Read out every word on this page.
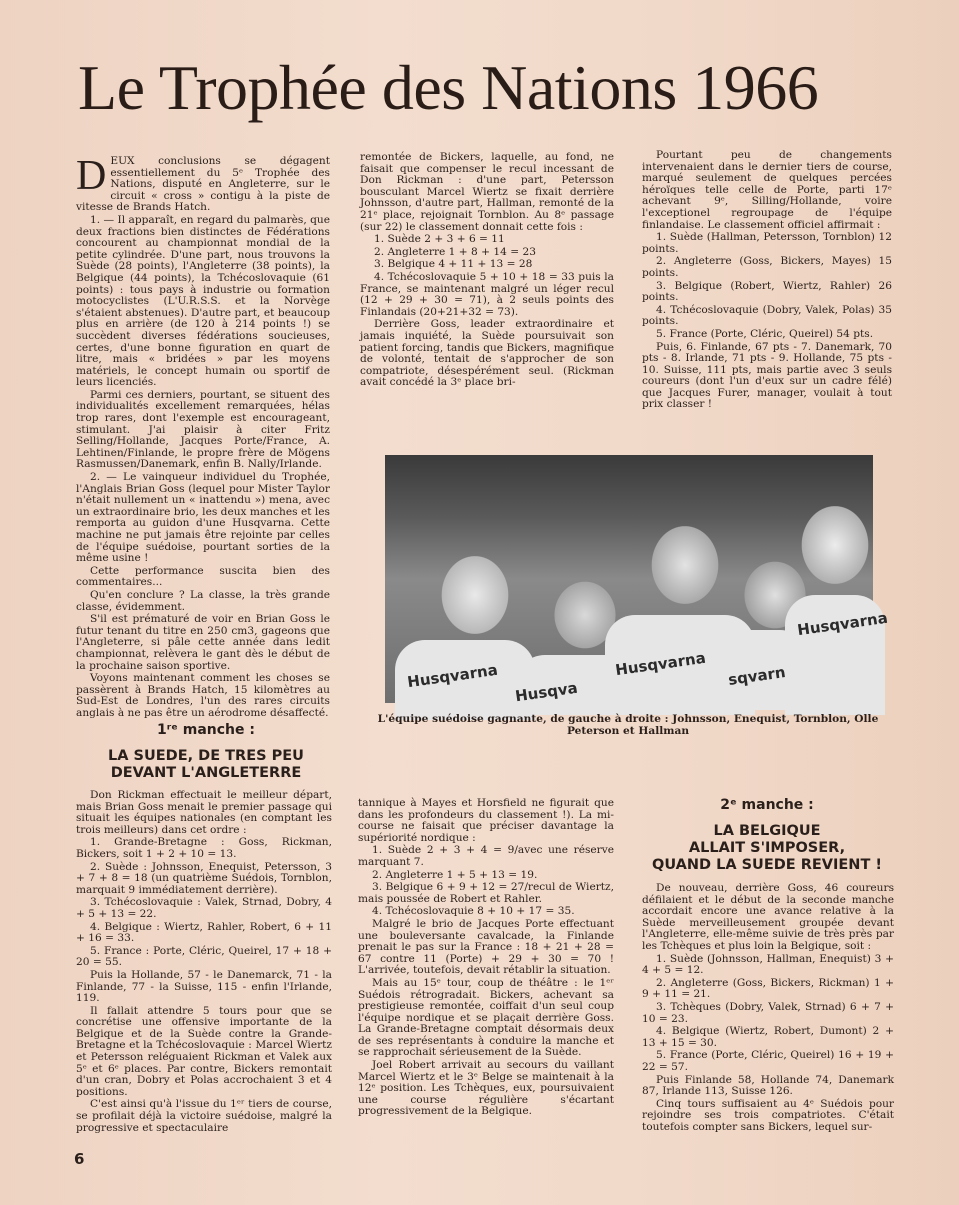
Le Trophée des Nations 1966

DEUX conclusions se dégagent essentiellement du 5ᵉ Trophée des Nations, disputé en Angleterre, sur le circuit « cross » contigu à la piste de vitesse de Brands Hatch.

1. — Il apparaît, en regard du palmarès, que deux fractions bien distinctes de Fédérations concourent au championnat mondial de la petite cylindrée. D'une part, nous trouvons la Suède (28 points), l'Angleterre (38 points), la Belgique (44 points), la Tchécoslovaquie (61 points) : tous pays à industrie ou formation motocyclistes (L'U.R.S.S. et la Norvège s'étaient abstenues). D'autre part, et beaucoup plus en arrière (de 120 à 214 points !) se succèdent diverses fédérations soucieuses, certes, d'une bonne figuration en quart de litre, mais « bridées » par les moyens matériels, le concept humain ou sportif de leurs licenciés.

Parmi ces derniers, pourtant, se situent des individualités excellement remarquées, hélas trop rares, dont l'exemple est encourageant, stimulant. J'ai plaisir à citer Fritz Selling/Hollande, Jacques Porte/France, A. Lehtinen/Finlande, le propre frère de Mögens Rasmussen/Danemark, enfin B. Nally/Irlande.

2. — Le vainqueur individuel du Trophée, l'Anglais Brian Goss (lequel pour Mister Taylor n'était nullement un « inattendu ») mena, avec un extraordinaire brio, les deux manches et les remporta au guidon d'une Husqvarna. Cette machine ne put jamais être rejointe par celles de l'équipe suédoise, pourtant sorties de la même usine !

Cette performance suscita bien des commentaires...

Qu'en conclure ? La classe, la très grande classe, évidemment.

S'il est prématuré de voir en Brian Goss le futur tenant du titre en 250 cm3, gageons que l'Angleterre, si pâle cette année dans ledit championnat, relèvera le gant dès le début de la prochaine saison sportive.

Voyons maintenant comment les choses se passèrent à Brands Hatch, 15 kilomètres au Sud-Est de Londres, l'un des rares circuits anglais à ne pas être un aérodrome désaffecté.

remontée de Bickers, laquelle, au fond, ne faisait que compenser le recul incessant de Don Rickman : d'une part, Petersson bousculant Marcel Wiertz se fixait derrière Johnsson, d'autre part, Hallman, remonté de la 21ᵉ place, rejoignait Tornblon. Au 8ᵉ passage (sur 22) le classement donnait cette fois :

1. Suède 2 + 3 + 6 = 11

2. Angleterre 1 + 8 + 14 = 23

3. Belgique 4 + 11 + 13 = 28

4. Tchécoslovaquie 5 + 10 + 18 = 33 puis la France, se maintenant malgré un léger recul (12 + 29 + 30 = 71), à 2 seuls points des Finlandais (20+21+32 = 73).

Derrière Goss, leader extraordinaire et jamais inquiété, la Suède poursuivait son patient forcing, tandis que Bickers, magnifique de volonté, tentait de s'approcher de son compatriote, désespérément seul. (Rickman avait concédé la 3ᵉ place bri-

Pourtant peu de changements intervenaient dans le dernier tiers de course, marqué seulement de quelques percées héroïques telle celle de Porte, parti 17ᵉ achevant 9ᵉ, Silling/Hollande, voire l'exceptionel regroupage de l'équipe finlandaise. Le classement officiel affirmait :

1. Suède (Hallman, Petersson, Tornblon) 12 points.

2. Angleterre (Goss, Bickers, Mayes) 15 points.

3. Belgique (Robert, Wiertz, Rahler) 26 points.

4. Tchécoslovaquie (Dobry, Valek, Polas) 35 points.

5. France (Porte, Cléric, Queirel) 54 pts.

Puis, 6. Finlande, 67 pts - 7. Danemark, 70 pts - 8. Irlande, 71 pts - 9. Hollande, 75 pts - 10. Suisse, 111 pts, mais partie avec 3 seuls coureurs (dont l'un d'eux sur un cadre félé) que Jacques Furer, manager, voulait à tout prix classer !

Husqvarna
Husqva
Husqvarna sqvarn
Husqvarna
L'équipe suédoise gagnante, de gauche à droite : Johnsson, Enequist, Tornblon, Olle Peterson et Hallman
1ʳᵉ manche :
LA SUEDE, DE TRES PEU
DEVANT L'ANGLETERRE

Don Rickman effectuait le meilleur départ, mais Brian Goss menait le premier passage qui situait les équipes nationales (en comptant les trois meilleurs) dans cet ordre :

1. Grande-Bretagne : Goss, Rickman, Bickers, soit 1 + 2 + 10 = 13.

2. Suède : Johnsson, Enequist, Petersson, 3 + 7 + 8 = 18 (un quatrième Suédois, Tornblon, marquait 9 immédiatement derrière).

3. Tchécoslovaquie : Valek, Strnad, Dobry, 4 + 5 + 13 = 22.

4. Belgique : Wiertz, Rahler, Robert, 6 + 11 + 16 = 33.

5. France : Porte, Cléric, Queirel, 17 + 18 + 20 = 55.

Puis la Hollande, 57 - le Danemarck, 71 - la Finlande, 77 - la Suisse, 115 - enfin l'Irlande, 119.

Il fallait attendre 5 tours pour que se concrétise une offensive importante de la Belgique et de la Suède contre la Grande-Bretagne et la Tchécoslovaquie : Marcel Wiertz et Petersson reléguaient Rickman et Valek aux 5ᵉ et 6ᵉ places. Par contre, Bickers remontait d'un cran, Dobry et Polas accrochaient 3 et 4 positions.

C'est ainsi qu'à l'issue du 1ᵉʳ tiers de course, se profilait déjà la victoire suédoise, malgré la progressive et spectaculaire

tannique à Mayes et Horsfield ne figurait que dans les profondeurs du classement !). La mi-course ne faisait que préciser davantage la supériorité nordique :

1. Suède 2 + 3 + 4 = 9/avec une réserve marquant 7.

2. Angleterre 1 + 5 + 13 = 19.

3. Belgique 6 + 9 + 12 = 27/recul de Wiertz, mais poussée de Robert et Rahler.

4. Tchécoslovaquie 8 + 10 + 17 = 35.

Malgré le brio de Jacques Porte effectuant une bouleversante cavalcade, la Finlande prenait le pas sur la France : 18 + 21 + 28 = 67 contre 11 (Porte) + 29 + 30 = 70 ! L'arrivée, toutefois, devait rétablir la situation.

Mais au 15ᵉ tour, coup de théâtre : le 1ᵉʳ Suédois rétrogradait. Bickers, achevant sa prestigieuse remontée, coiffait d'un seul coup l'équipe nordique et se plaçait derrière Goss. La Grande-Bretagne comptait désormais deux de ses représentants à conduire la manche et se rapprochait sérieusement de la Suède.

Joel Robert arrivait au secours du vaillant Marcel Wiertz et le 3ᵉ Belge se maintenait à la 12ᵉ position. Les Tchèques, eux, poursuivaient une course régulière s'écartant progressivement de la Belgique.

2ᵉ manche :
LA BELGIQUE
ALLAIT S'IMPOSER,
QUAND LA SUEDE REVIENT !

De nouveau, derrière Goss, 46 coureurs défilaient et le début de la seconde manche accordait encore une avance relative à la Suède merveilleusement groupée devant l'Angleterre, elle-même suivie de très près par les Tchèques et plus loin la Belgique, soit :

1. Suède (Johnsson, Hallman, Enequist) 3 + 4 + 5 = 12.

2. Angleterre (Goss, Bickers, Rickman) 1 + 9 + 11 = 21.

3. Tchèques (Dobry, Valek, Strnad) 6 + 7 + 10 = 23.

4. Belgique (Wiertz, Robert, Dumont) 2 + 13 + 15 = 30.

5. France (Porte, Cléric, Queirel) 16 + 19 + 22 = 57.

Puis Finlande 58, Hollande 74, Danemark 87, Irlande 113, Suisse 126.

Cinq tours suffisaient au 4ᵉ Suédois pour rejoindre ses trois compatriotes. C'était toutefois compter sans Bickers, lequel sur-

6
